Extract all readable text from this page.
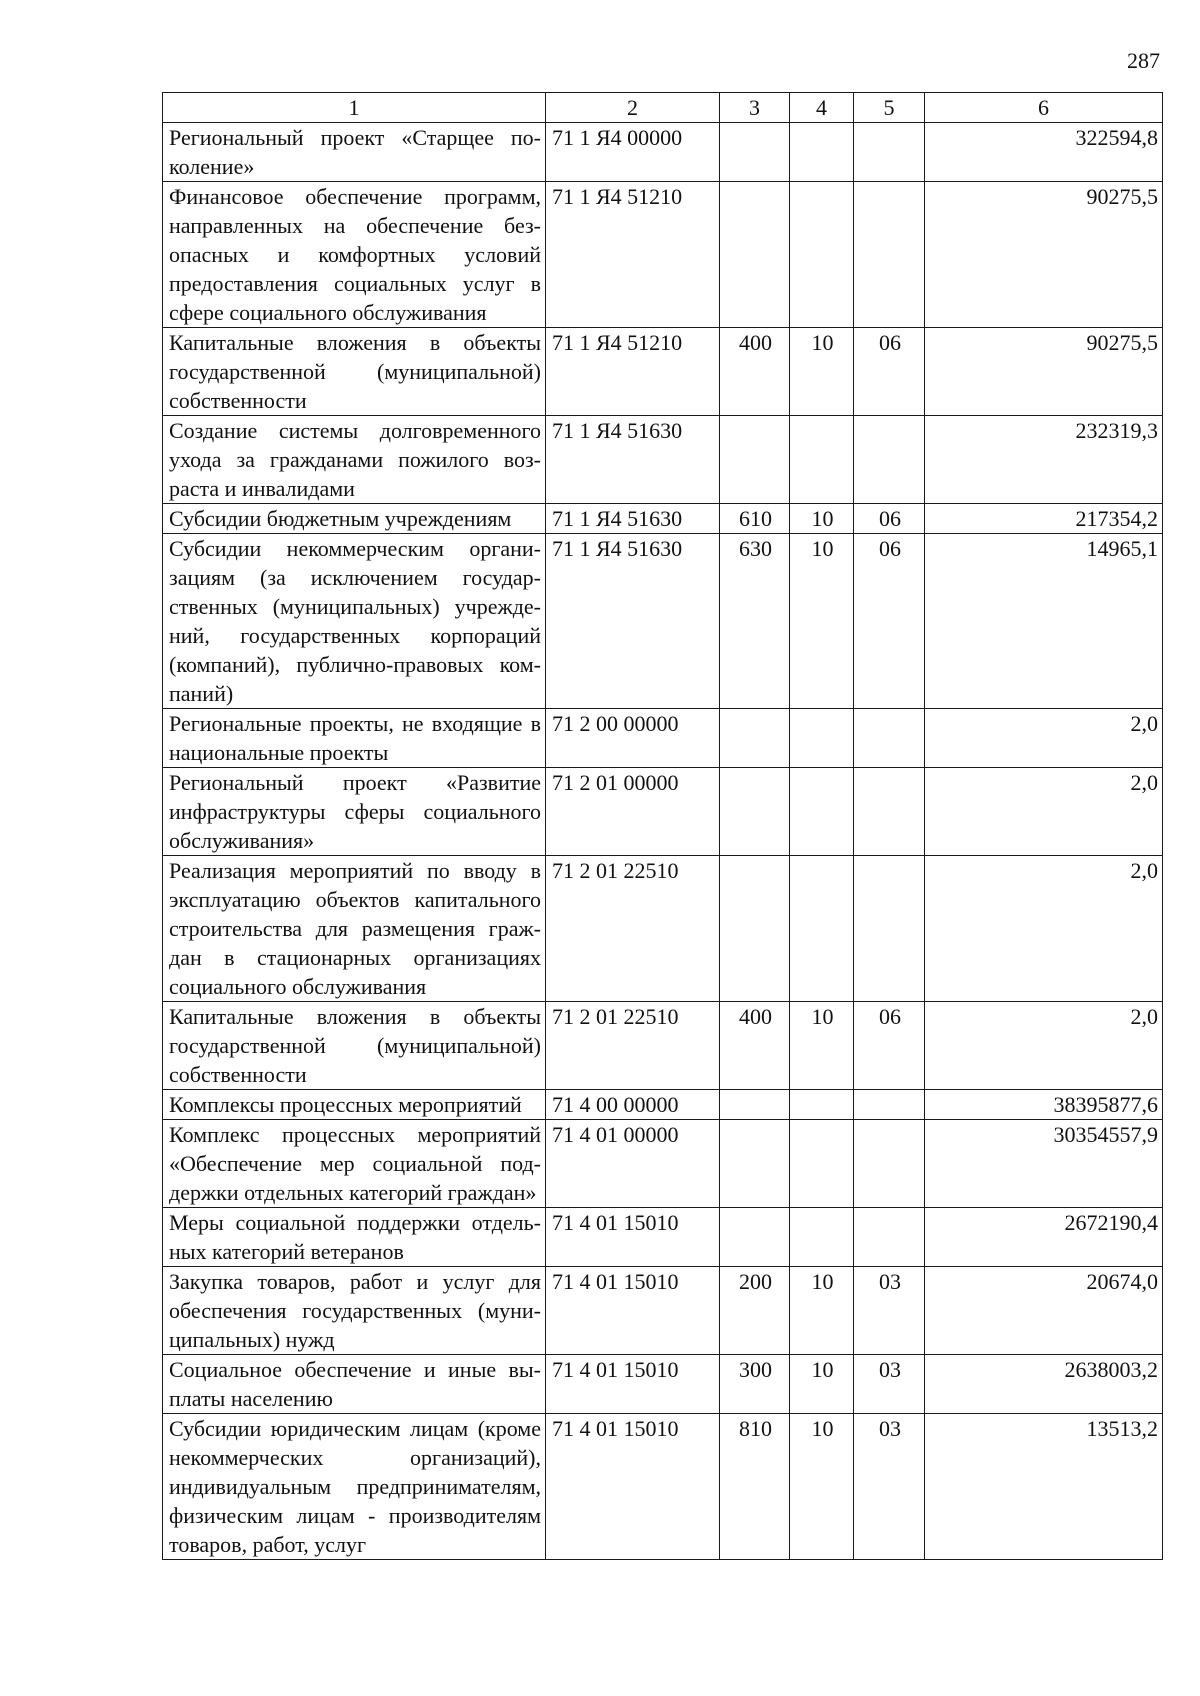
287
1	2	3	4	5	6
Региональный проект «Старщее поколение»	71 1 Я4 00000				322594,8
Финансовое обеспечение программ, направленных на обеспечение безопасных и комфортных условий предоставления социальных услуг в сфере социального обслуживания	71 1 Я4 51210				90275,5
Капитальные вложения в объекты государственной (муниципальной) собственности	71 1 Я4 51210	400	10	06	90275,5
Создание системы долговременного ухода за гражданами пожилого возраста и инвалидами	71 1 Я4 51630				232319,3
Субсидии бюджетным учреждениям	71 1 Я4 51630	610	10	06	217354,2
Субсидии некоммерческим организациям (за исключением государственных (муниципальных) учреждений, государственных корпораций (компаний), публично-правовых компаний)	71 1 Я4 51630	630	10	06	14965,1
Региональные проекты, не входящие в национальные проекты	71 2 00 00000				2,0
Региональный проект «Развитие инфраструктуры сферы социального обслуживания»	71 2 01 00000				2,0
Реализация мероприятий по вводу в эксплуатацию объектов капитального строительства для размещения граждан в стационарных организациях социального обслуживания	71 2 01 22510				2,0
Капитальные вложения в объекты государственной (муниципальной) собственности	71 2 01 22510	400	10	06	2,0
Комплексы процессных мероприятий	71 4 00 00000				38395877,6
Комплекс процессных мероприятий «Обеспечение мер социальной поддержки отдельных категорий граждан»	71 4 01 00000				30354557,9
Меры социальной поддержки отдельных категорий ветеранов	71 4 01 15010				2672190,4
Закупка товаров, работ и услуг для обеспечения государственных (муниципальных) нужд	71 4 01 15010	200	10	03	20674,0
Социальное обеспечение и иные выплаты населению	71 4 01 15010	300	10	03	2638003,2
Субсидии юридическим лицам (кроме некоммерческих организаций), индивидуальным предпринимателям, физическим лицам - производителям товаров, работ, услуг	71 4 01 15010	810	10	03	13513,2
